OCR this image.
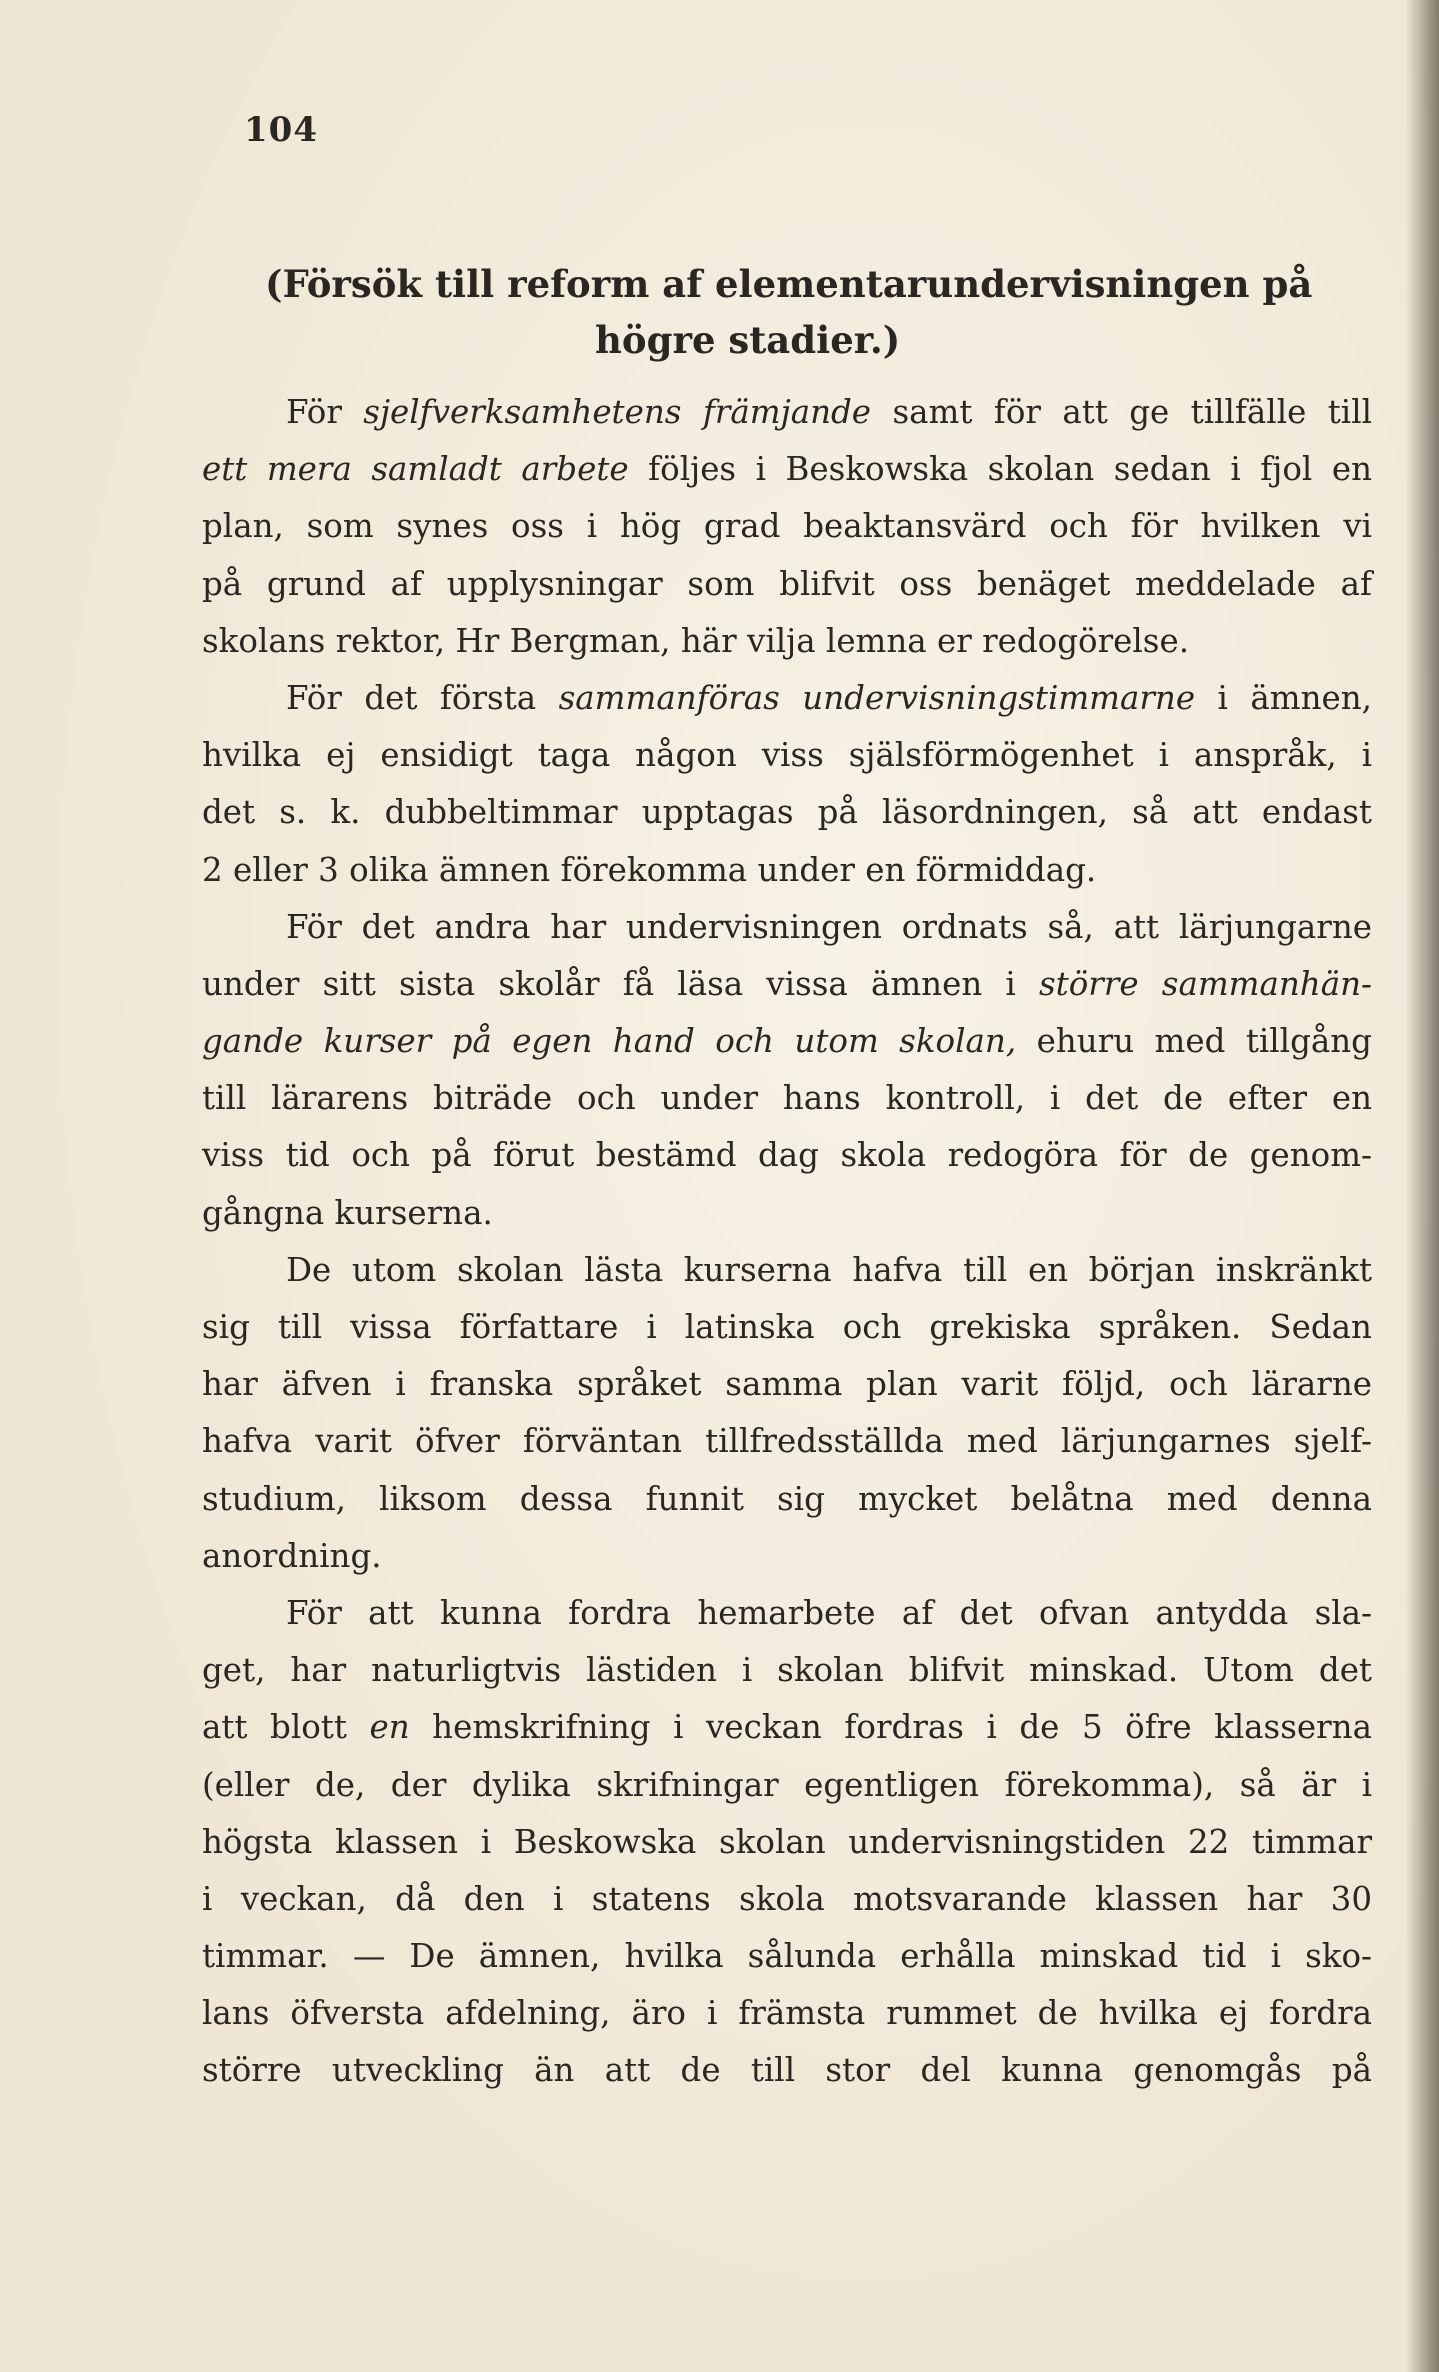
104

(Försök till reform af elementarundervisningen på
högre stadier.)
För sjelfverksamhetens främjande samt för att ge tillfälle till
ett mera samladt arbete följes i Beskowska skolan sedan i fjol en
plan, som synes oss i hög grad beaktansvärd och för hvilken vi
på grund af upplysningar som blifvit oss benäget meddelade af
skolans rektor, Hr Bergman, här vilja lemna er redogörelse.
För det första sammanföras undervisningstimmarne i ämnen,
hvilka ej ensidigt taga någon viss själsförmögenhet i anspråk, i
det s. k. dubbeltimmar upptagas på läsordningen, så att endast
2 eller 3 olika ämnen förekomma under en förmiddag.
För det andra har undervisningen ordnats så, att lärjungarne
under sitt sista skolår få läsa vissa ämnen i större sammanhän-
gande kurser på egen hand och utom skolan, ehuru med tillgång
till lärarens biträde och under hans kontroll, i det de efter en
viss tid och på förut bestämd dag skola redogöra för de genom-
gångna kurserna.
De utom skolan lästa kurserna hafva till en början inskränkt
sig till vissa författare i latinska och grekiska språken. Sedan
har äfven i franska språket samma plan varit följd, och lärarne
hafva varit öfver förväntan tillfredsställda med lärjungarnes sjelf-
studium, liksom dessa funnit sig mycket belåtna med denna
anordning.
För att kunna fordra hemarbete af det ofvan antydda sla-
get, har naturligtvis lästiden i skolan blifvit minskad. Utom det
att blott en hemskrifning i veckan fordras i de 5 öfre klasserna
(eller de, der dylika skrifningar egentligen förekomma), så är i
högsta klassen i Beskowska skolan undervisningstiden 22 timmar
i veckan, då den i statens skola motsvarande klassen har 30
timmar. — De ämnen, hvilka sålunda erhålla minskad tid i sko-
lans öfversta afdelning, äro i främsta rummet de hvilka ej fordra
större utveckling än att de till stor del kunna genomgås på
